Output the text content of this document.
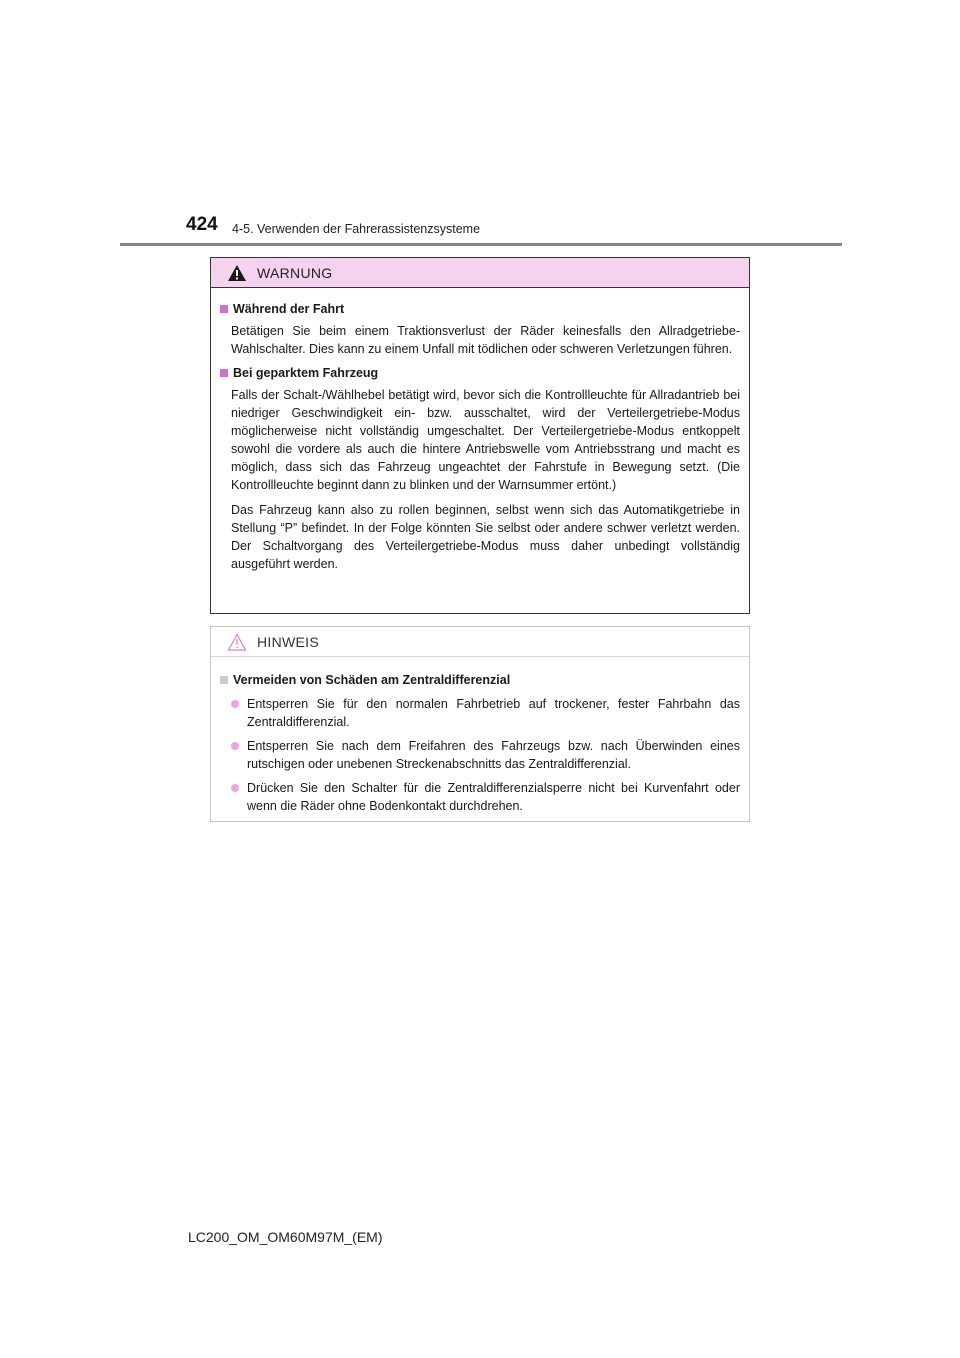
424 4-5. Verwenden der Fahrerassistenzsysteme
WARNUNG
Während der Fahrt

Betätigen Sie beim einem Traktionsverlust der Räder keinesfalls den Allradgetriebe-Wahlschalter. Dies kann zu einem Unfall mit tödlichen oder schweren Verletzungen führen.

Bei geparktem Fahrzeug

Falls der Schalt-/Wählhebel betätigt wird, bevor sich die Kontrollleuchte für Allradantrieb bei niedriger Geschwindigkeit ein- bzw. ausschaltet, wird der Verteilergetriebe-Modus möglicherweise nicht vollständig umgeschaltet. Der Verteilergetriebe-Modus entkoppelt sowohl die vordere als auch die hintere Antriebswelle vom Antriebsstrang und macht es möglich, dass sich das Fahrzeug ungeachtet der Fahrstufe in Bewegung setzt. (Die Kontrollleuchte beginnt dann zu blinken und der Warnsummer ertönt.)

Das Fahrzeug kann also zu rollen beginnen, selbst wenn sich das Automatikgetriebe in Stellung “P” befindet. In der Folge könnten Sie selbst oder andere schwer verletzt werden. Der Schaltvorgang des Verteilergetriebe-Modus muss daher unbedingt vollständig ausgeführt werden.

HINWEIS
Vermeiden von Schäden am Zentraldifferenzial
Entsperren Sie für den normalen Fahrbetrieb auf trockener, fester Fahrbahn das Zentraldifferenzial.
Entsperren Sie nach dem Freifahren des Fahrzeugs bzw. nach Überwinden eines rutschigen oder unebenen Streckenabschnitts das Zentraldifferenzial.
Drücken Sie den Schalter für die Zentraldifferenzialsperre nicht bei Kurvenfahrt oder wenn die Räder ohne Bodenkontakt durchdrehen.
LC200_OM_OM60M97M_(EM)
